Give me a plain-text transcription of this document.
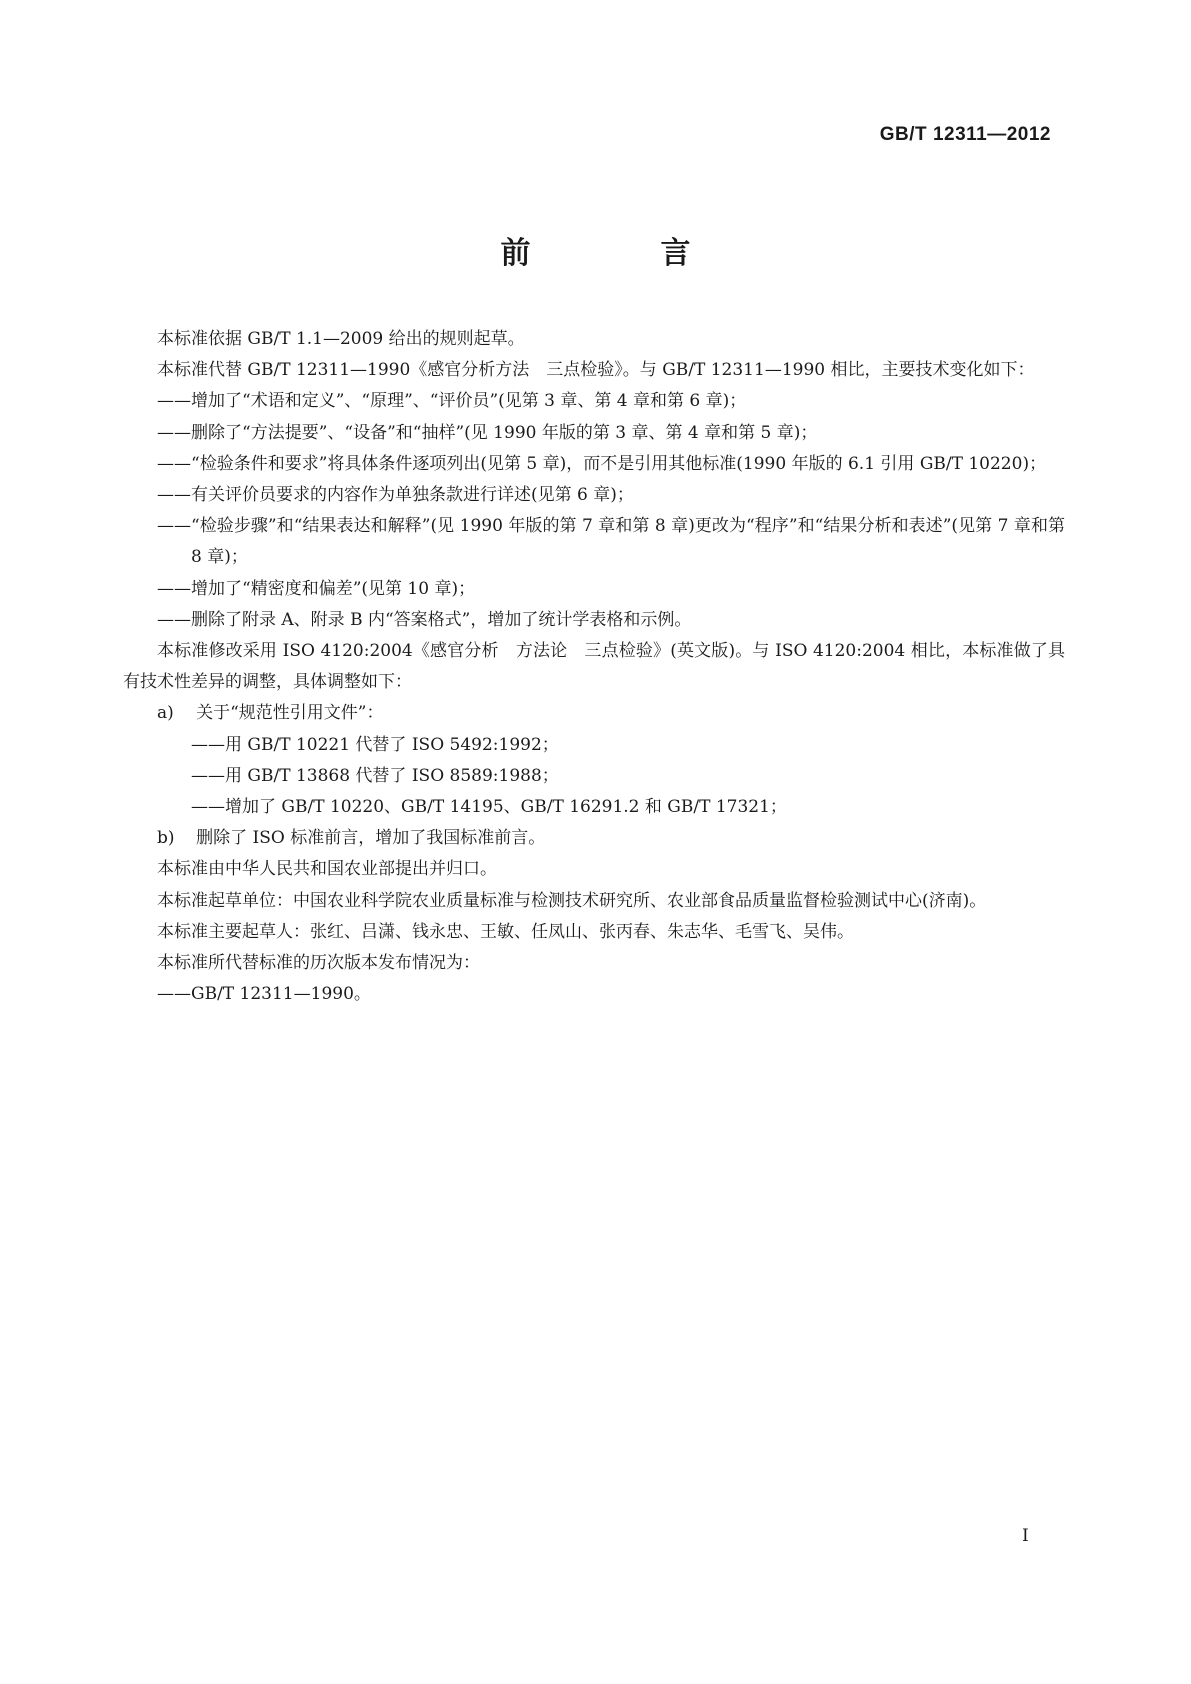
GB/T 12311—2012
前　言

本标准依据 GB/T 1.1—2009 给出的规则起草。

本标准代替 GB/T 12311—1990《感官分析方法　三点检验》。与 GB/T 12311—1990 相比，主要技术变化如下：

——增加了“术语和定义”、“原理”、“评价员”(见第 3 章、第 4 章和第 6 章)；

——删除了“方法提要”、“设备”和“抽样”(见 1990 年版的第 3 章、第 4 章和第 5 章)；

——“检验条件和要求”将具体条件逐项列出(见第 5 章)，而不是引用其他标准(1990 年版的 6.1 引用 GB/T 10220)；

——有关评价员要求的内容作为单独条款进行详述(见第 6 章)；

——“检验步骤”和“结果表达和解释”(见 1990 年版的第 7 章和第 8 章)更改为“程序”和“结果分析和表述”(见第 7 章和第 8 章)；

——增加了“精密度和偏差”(见第 10 章)；

——删除了附录 A、附录 B 内“答案格式”，增加了统计学表格和示例。

本标准修改采用 ISO 4120:2004《感官分析　方法论　三点检验》(英文版)。与 ISO 4120:2004 相比，本标准做了具有技术性差异的调整，具体调整如下：

a)	关于“规范性引用文件”：

——用 GB/T 10221 代替了 ISO 5492:1992；

——用 GB/T 13868 代替了 ISO 8589:1988；

——增加了 GB/T 10220、GB/T 14195、GB/T 16291.2 和 GB/T 17321；

b)	删除了 ISO 标准前言，增加了我国标准前言。

本标准由中华人民共和国农业部提出并归口。

本标准起草单位：中国农业科学院农业质量标准与检测技术研究所、农业部食品质量监督检验测试中心(济南)。

本标准主要起草人：张红、吕潇、钱永忠、王敏、任凤山、张丙春、朱志华、毛雪飞、吴伟。

本标准所代替标准的历次版本发布情况为：

——GB/T 12311—1990。

I
